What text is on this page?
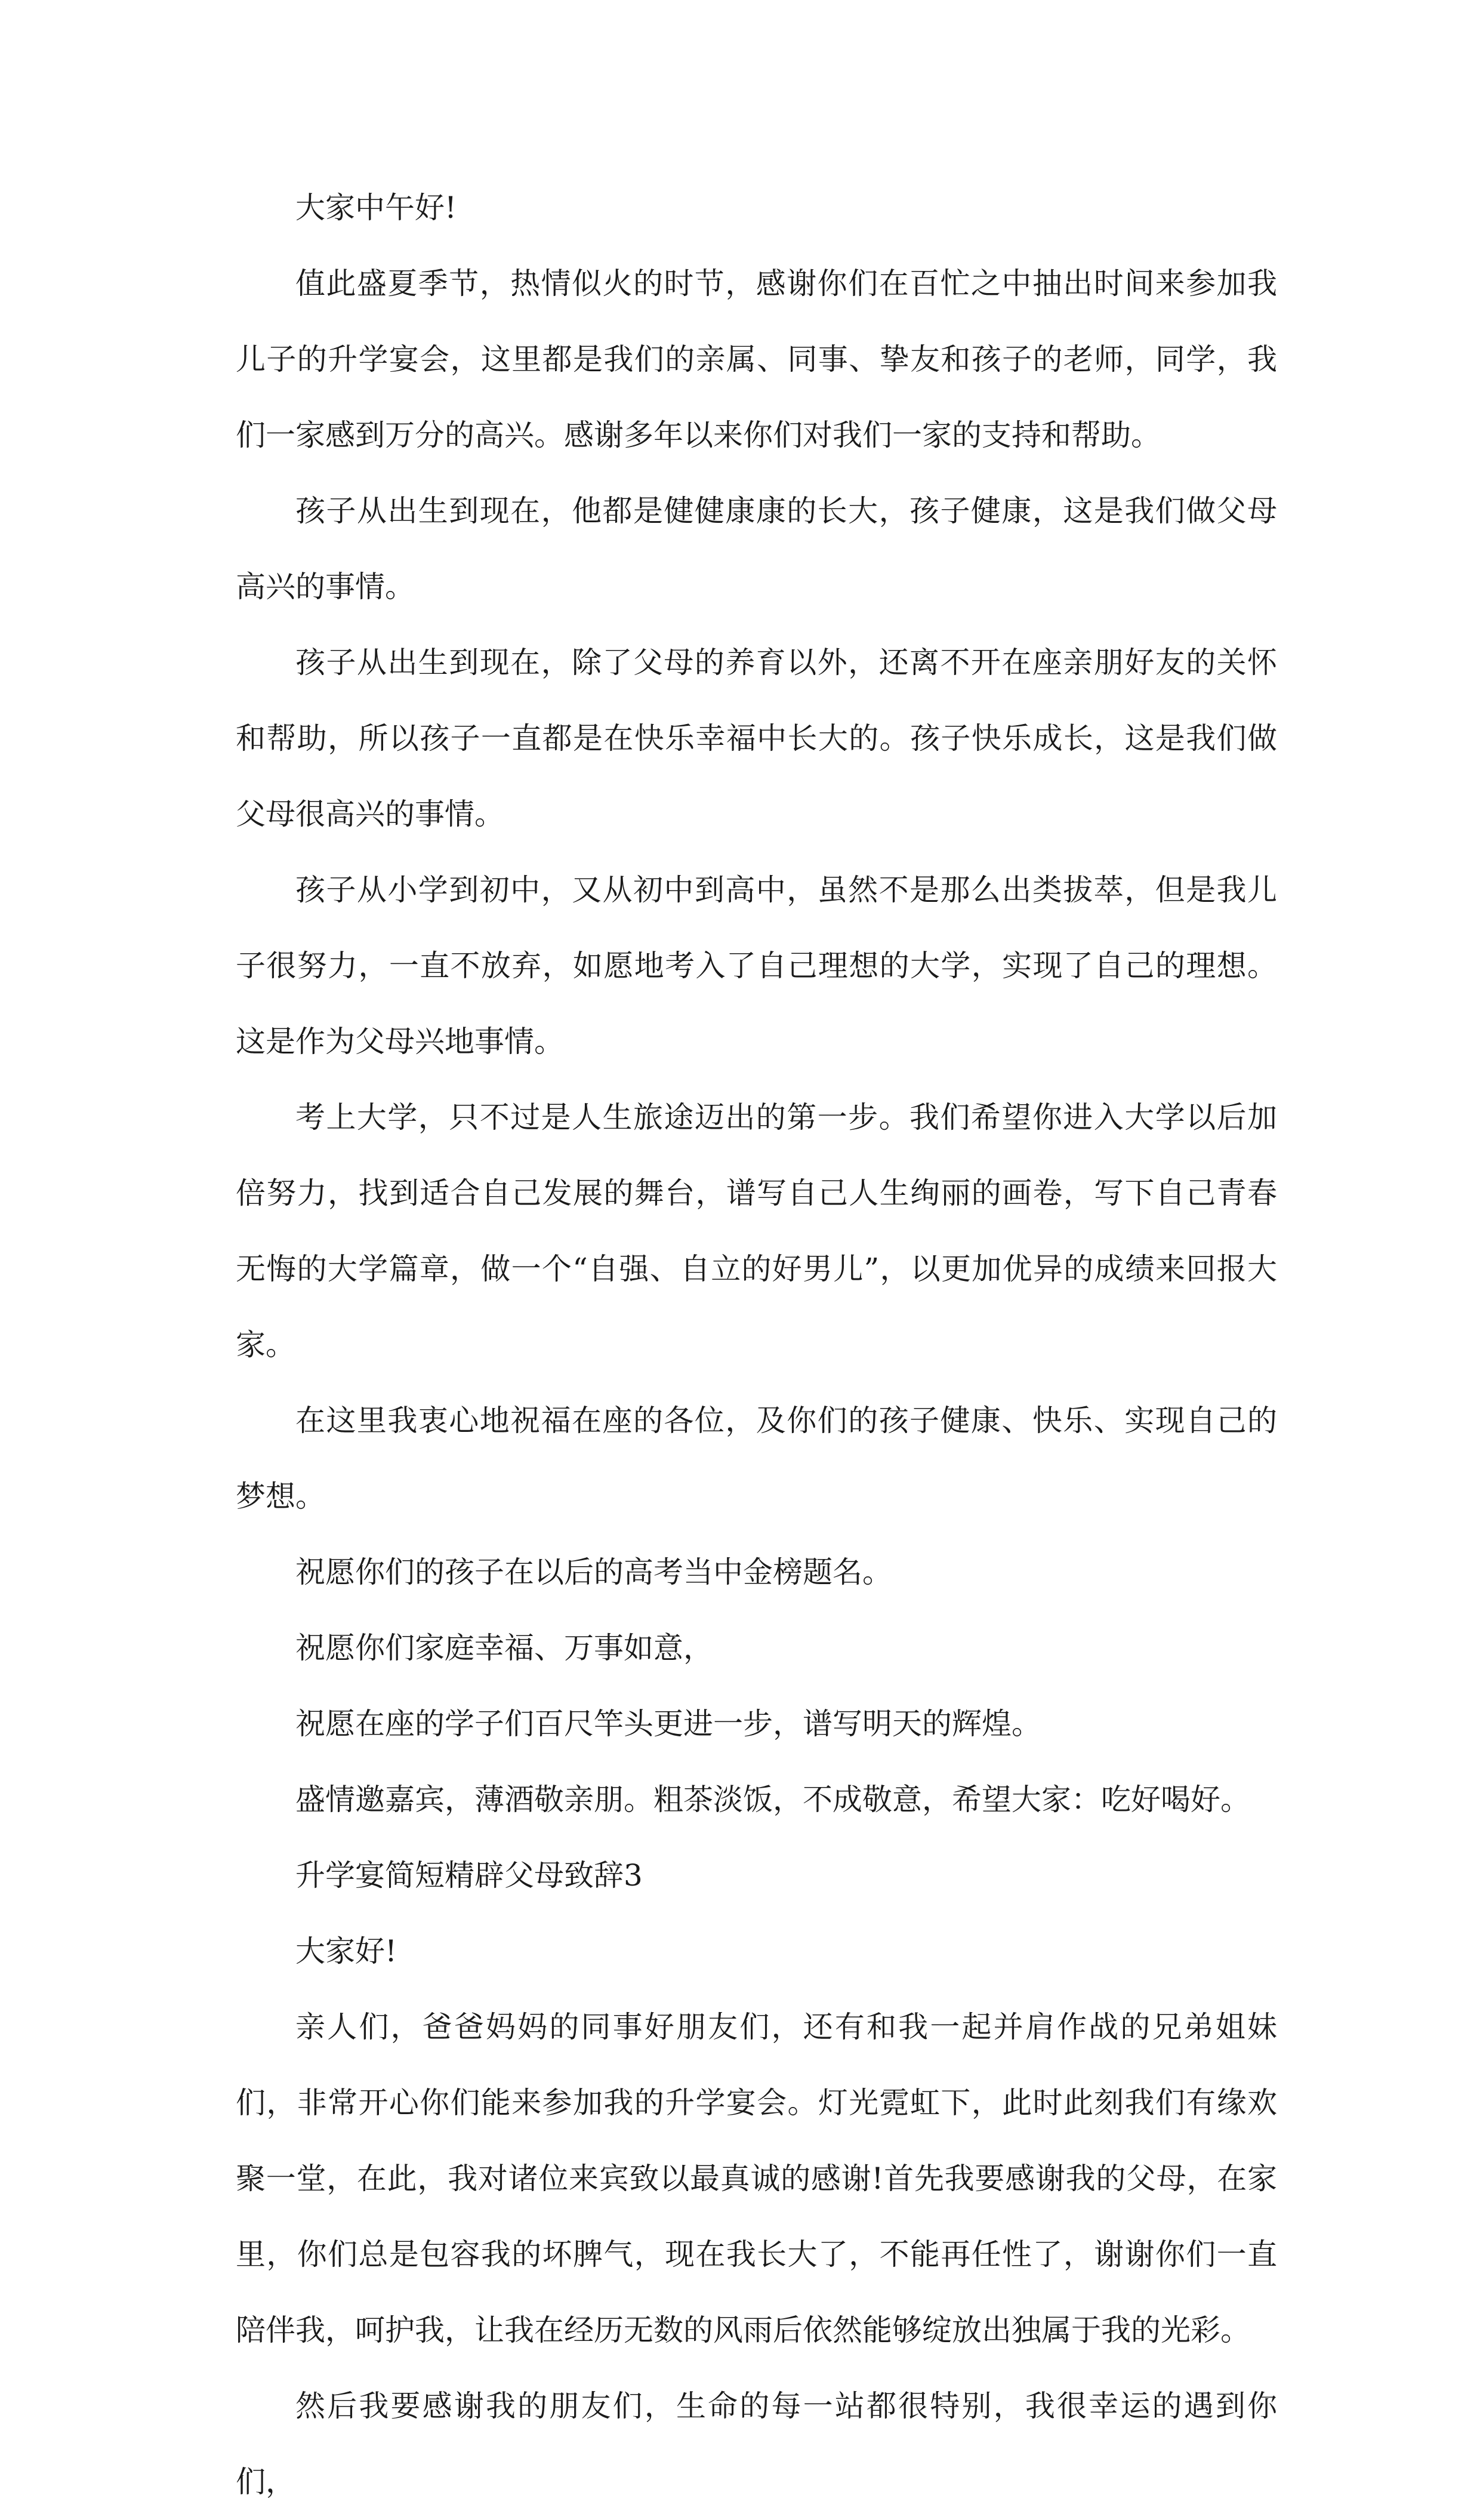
大家中午好!

值此盛夏季节，热情似火的时节，感谢你们在百忙之中抽出时间来参加我儿子的升学宴会，这里都是我们的亲属、同事、挚友和孩子的老师，同学，我们一家感到万分的高兴。感谢多年以来你们对我们一家的支持和帮助。

孩子从出生到现在，他都是健健康康的长大，孩子健康，这是我们做父母高兴的事情。

孩子从出生到现在，除了父母的养育以外，还离不开在座亲朋好友的关怀和帮助，所以孩子一直都是在快乐幸福中长大的。孩子快乐成长，这是我们做父母很高兴的事情。

孩子从小学到初中，又从初中到高中，虽然不是那么出类拔萃，但是我儿子很努力，一直不放弃，如愿地考入了自己理想的大学，实现了自己的理想。这是作为父母兴地事情。

考上大学，只不过是人生旅途迈出的第一步。我们希望你进入大学以后加倍努力，找到适合自己发展的舞台，谱写自己人生绚丽的画卷，写下自己青春无悔的大学篇章，做一个“自强、自立的好男儿”，以更加优异的成绩来回报大家。

在这里我衷心地祝福在座的各位，及你们的孩子健康、快乐、实现自己的梦想。

祝愿你们的孩子在以后的高考当中金榜题名。

祝愿你们家庭幸福、万事如意，

祝愿在座的学子们百尺竿头更进一步，谱写明天的辉煌。

盛情邀嘉宾，薄酒敬亲朋。粗茶淡饭，不成敬意，希望大家：吃好喝好。

升学宴简短精辟父母致辞3

大家好!

亲人们，爸爸妈妈的同事好朋友们，还有和我一起并肩作战的兄弟姐妹们，非常开心你们能来参加我的升学宴会。灯光霓虹下，此时此刻我们有缘欢聚一堂，在此，我对诸位来宾致以最真诚的感谢!首先我要感谢我的父母，在家里，你们总是包容我的坏脾气，现在我长大了，不能再任性了，谢谢你们一直陪伴我，呵护我，让我在经历无数的风雨后依然能够绽放出独属于我的光彩。

然后我要感谢我的朋友们，生命的每一站都很特别，我很幸运的遇到你们，
